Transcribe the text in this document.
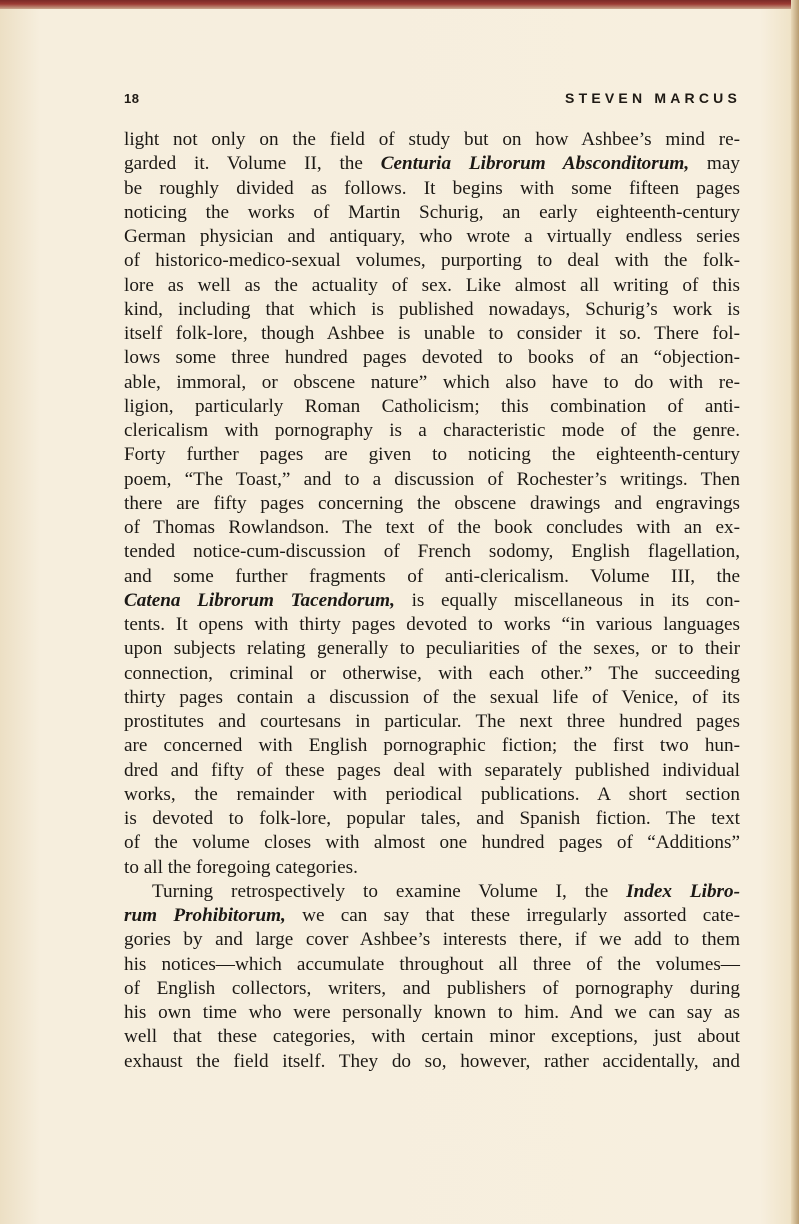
18	STEVEN MARCUS
light not only on the field of study but on how Ashbee’s mind re-
garded it. Volume II, the Centuria Librorum Absconditorum, may
be roughly divided as follows. It begins with some fifteen pages
noticing the works of Martin Schurig, an early eighteenth-century
German physician and antiquary, who wrote a virtually endless series
of historico-medico-sexual volumes, purporting to deal with the folk-
lore as well as the actuality of sex. Like almost all writing of this
kind, including that which is published nowadays, Schurig’s work is
itself folk-lore, though Ashbee is unable to consider it so. There fol-
lows some three hundred pages devoted to books of an “objection-
able, immoral, or obscene nature” which also have to do with re-
ligion, particularly Roman Catholicism; this combination of anti-
clericalism with pornography is a characteristic mode of the genre.
Forty further pages are given to noticing the eighteenth-century
poem, “The Toast,” and to a discussion of Rochester’s writings. Then
there are fifty pages concerning the obscene drawings and engravings
of Thomas Rowlandson. The text of the book concludes with an ex-
tended notice-cum-discussion of French sodomy, English flagellation,
and some further fragments of anti-clericalism. Volume III, the
Catena Librorum Tacendorum, is equally miscellaneous in its con-
tents. It opens with thirty pages devoted to works “in various languages
upon subjects relating generally to peculiarities of the sexes, or to their
connection, criminal or otherwise, with each other.” The succeeding
thirty pages contain a discussion of the sexual life of Venice, of its
prostitutes and courtesans in particular. The next three hundred pages
are concerned with English pornographic fiction; the first two hun-
dred and fifty of these pages deal with separately published individual
works, the remainder with periodical publications. A short section
is devoted to folk-lore, popular tales, and Spanish fiction. The text
of the volume closes with almost one hundred pages of “Additions”
to all the foregoing categories.
Turning retrospectively to examine Volume I, the Index Libro-
rum Prohibitorum, we can say that these irregularly assorted cate-
gories by and large cover Ashbee’s interests there, if we add to them
his notices—which accumulate throughout all three of the volumes—
of English collectors, writers, and publishers of pornography during
his own time who were personally known to him. And we can say as
well that these categories, with certain minor exceptions, just about
exhaust the field itself. They do so, however, rather accidentally, and
